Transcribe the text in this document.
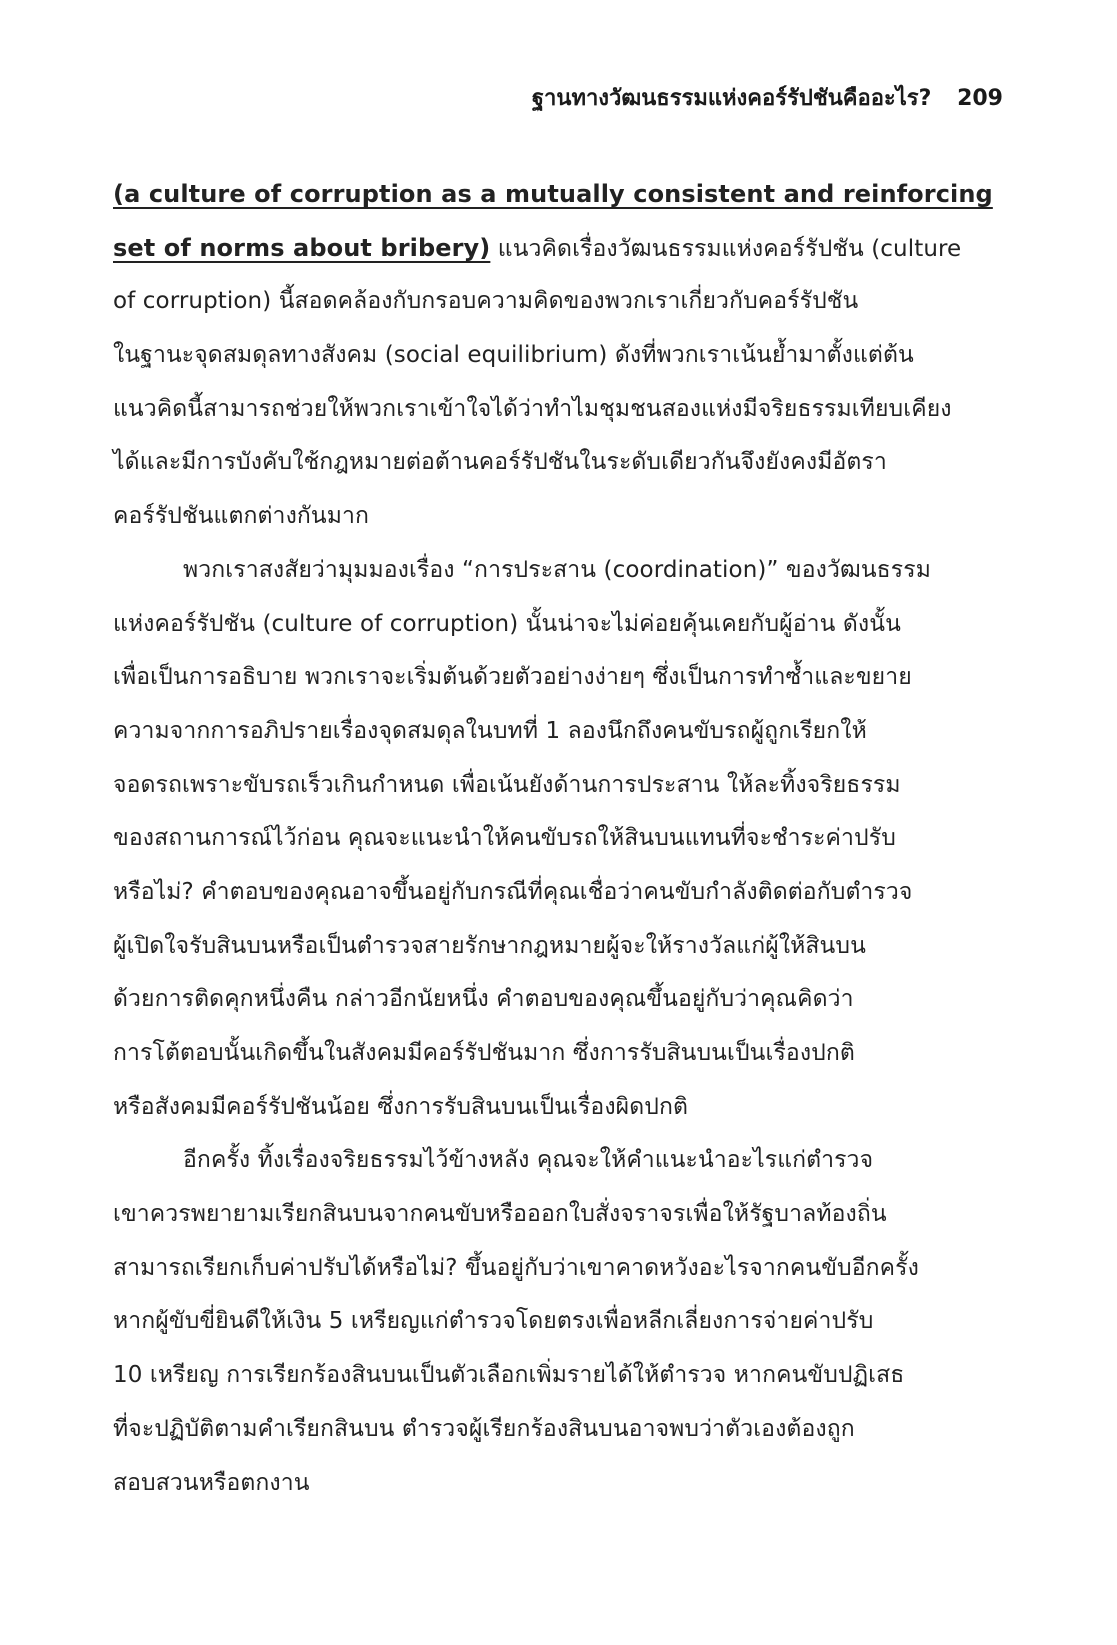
ฐานทางวัฒนธรรมแห่งคอร์รัปชันคืออะไร? 209
(a culture of corruption as a mutually consistent and reinforcing
set of norms about bribery) แนวคิดเรื่องวัฒนธรรมแห่งคอร์รัปชัน (culture
of corruption) นี้สอดคล้องกับกรอบความคิดของพวกเราเกี่ยวกับคอร์รัปชัน
ในฐานะจุดสมดุลทางสังคม (social equilibrium) ดังที่พวกเราเน้นย้ำมาตั้งแต่ต้น
แนวคิดนี้สามารถช่วยให้พวกเราเข้าใจได้ว่าทำไมชุมชนสองแห่งมีจริยธรรมเทียบเคียง
ได้และมีการบังคับใช้กฎหมายต่อต้านคอร์รัปชันในระดับเดียวกันจึงยังคงมีอัตรา
คอร์รัปชันแตกต่างกันมาก
พวกเราสงสัยว่ามุมมองเรื่อง “การประสาน (coordination)” ของวัฒนธรรม
แห่งคอร์รัปชัน (culture of corruption) นั้นน่าจะไม่ค่อยคุ้นเคยกับผู้อ่าน ดังนั้น
เพื่อเป็นการอธิบาย พวกเราจะเริ่มต้นด้วยตัวอย่างง่ายๆ ซึ่งเป็นการทำซ้ำและขยาย
ความจากการอภิปรายเรื่องจุดสมดุลในบทที่ 1 ลองนึกถึงคนขับรถผู้ถูกเรียกให้
จอดรถเพราะขับรถเร็วเกินกำหนด เพื่อเน้นยังด้านการประสาน ให้ละทิ้งจริยธรรม
ของสถานการณ์ไว้ก่อน คุณจะแนะนำให้คนขับรถให้สินบนแทนที่จะชำระค่าปรับ
หรือไม่? คำตอบของคุณอาจขึ้นอยู่กับกรณีที่คุณเชื่อว่าคนขับกำลังติดต่อกับตำรวจ
ผู้เปิดใจรับสินบนหรือเป็นตำรวจสายรักษากฎหมายผู้จะให้รางวัลแก่ผู้ให้สินบน
ด้วยการติดคุกหนึ่งคืน กล่าวอีกนัยหนึ่ง คำตอบของคุณขึ้นอยู่กับว่าคุณคิดว่า
การโต้ตอบนั้นเกิดขึ้นในสังคมมีคอร์รัปชันมาก ซึ่งการรับสินบนเป็นเรื่องปกติ
หรือสังคมมีคอร์รัปชันน้อย ซึ่งการรับสินบนเป็นเรื่องผิดปกติ
อีกครั้ง ทิ้งเรื่องจริยธรรมไว้ข้างหลัง คุณจะให้คำแนะนำอะไรแก่ตำรวจ
เขาควรพยายามเรียกสินบนจากคนขับหรือออกใบสั่งจราจรเพื่อให้รัฐบาลท้องถิ่น
สามารถเรียกเก็บค่าปรับได้หรือไม่? ขึ้นอยู่กับว่าเขาคาดหวังอะไรจากคนขับอีกครั้ง
หากผู้ขับขี่ยินดีให้เงิน 5 เหรียญแก่ตำรวจโดยตรงเพื่อหลีกเลี่ยงการจ่ายค่าปรับ
10 เหรียญ การเรียกร้องสินบนเป็นตัวเลือกเพิ่มรายได้ให้ตำรวจ หากคนขับปฏิเสธ
ที่จะปฏิบัติตามคำเรียกสินบน ตำรวจผู้เรียกร้องสินบนอาจพบว่าตัวเองต้องถูก
สอบสวนหรือตกงาน
